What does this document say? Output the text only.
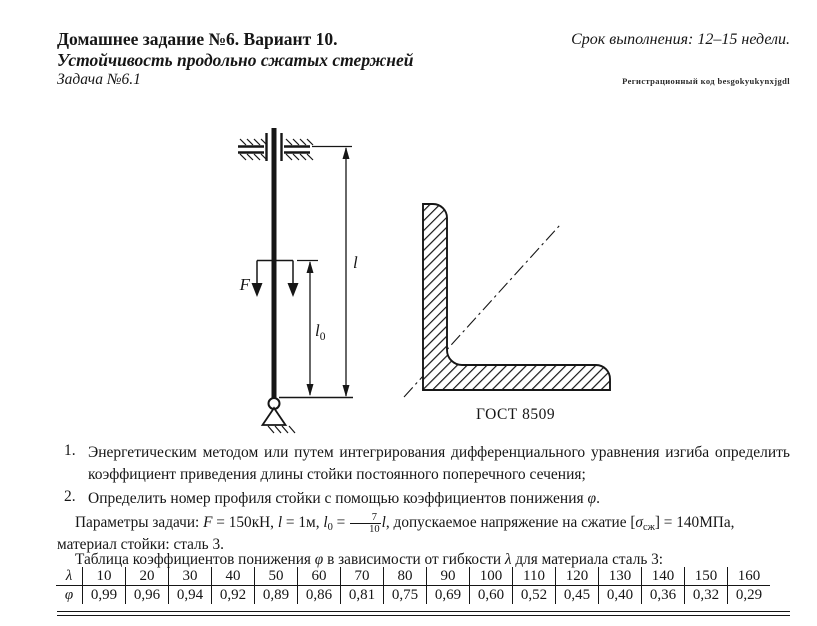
Домашнее задание №6. Вариант 10.	Срок выполнения: 12–15 недели.
Устойчивость продольно сжатых стержней
Задача №6.1	Регистрационный код besgokyukynxjgdl
F
l
$l_0$
ГОСТ 8509
1. Энергетическим методом или путем интегрирования дифференциального уравнения изгиба определить коэффициент приведения длины стойки постоянного поперечного сечения;
2. Определить номер профиля стойки с помощью коэффициентов понижения φ.
Параметры задачи: F = 150кН, l = 1м, $l_0 = \frac{7}{10} l$, допускаемое напряжение на сжатие $[\sigma_{сж}] = 140МПа$,
материал стойки: сталь 3.
Таблица коэффициентов понижения φ в зависимости от гибкости λ для материала сталь 3:
λ	10	20	30	40	50	60	70	80	90	100	110	120	130	140	150	160
φ	0,99	0,96	0,94	0,92	0,89	0,86	0,81	0,75	0,69	0,60	0,52	0,45	0,40	0,36	0,32	0,29
